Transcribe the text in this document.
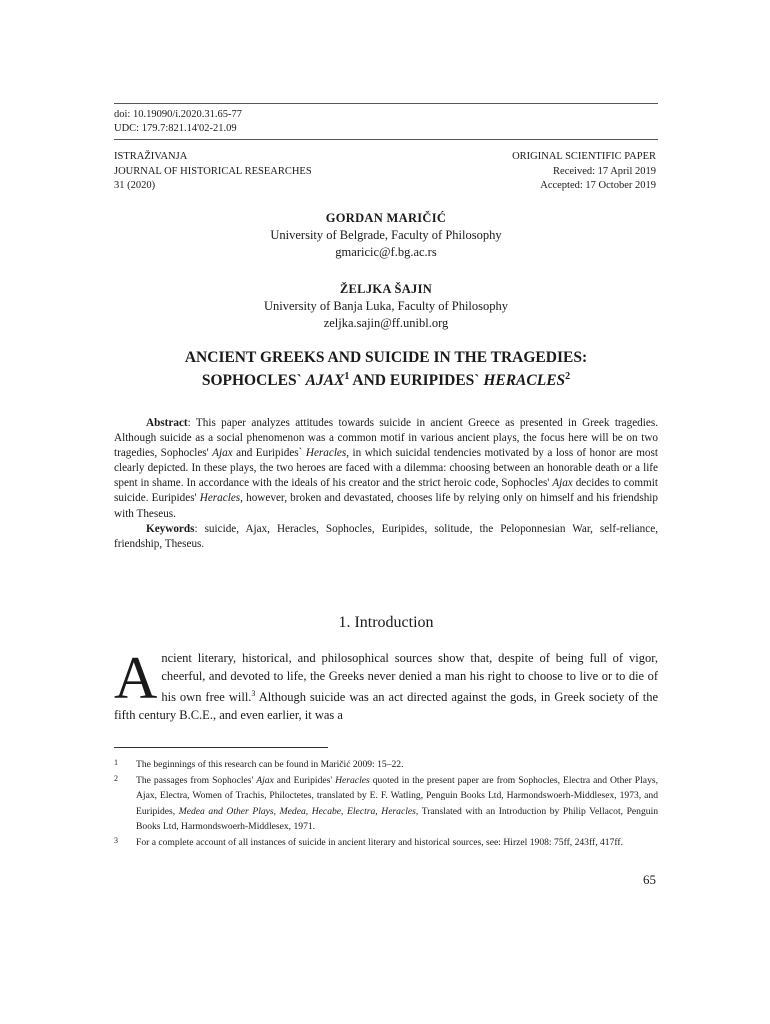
doi: 10.19090/i.2020.31.65-77
UDC: 179.7:821.14'02-21.09
ISTRAŽIVANJA
JOURNAL OF HISTORICAL RESEARCHES
31 (2020)
ORIGINAL SCIENTIFIC PAPER
Received: 17 April 2019
Accepted: 17 October 2019
GORDAN MARIČIĆ
University of Belgrade, Faculty of Philosophy
gmaricic@f.bg.ac.rs
ŽELJKA ŠAJIN
University of Banja Luka, Faculty of Philosophy
zeljka.sajin@ff.unibl.org
ANCIENT GREEKS AND SUICIDE IN THE TRAGEDIES:
SOPHOCLES` AJAX$^1$ AND EURIPIDES` HERACLES$^2$

Abstract: This paper analyzes attitudes towards suicide in ancient Greece as presented in Greek tragedies. Although suicide as a social phenomenon was a common motif in various ancient plays, the focus here will be on two tragedies, Sophocles' Ajax and Euripides` Heracles, in which suicidal tendencies motivated by a loss of honor are most clearly depicted. In these plays, the two heroes are faced with a dilemma: choosing between an honorable death or a life spent in shame. In accordance with the ideals of his creator and the strict heroic code, Sophocles' Ajax decides to commit suicide. Euripides' Heracles, however, broken and devastated, chooses life by relying only on himself and his friendship with Theseus.

Keywords: suicide, Ajax, Heracles, Sophocles, Euripides, solitude, the Peloponnesian War, self-reliance, friendship, Theseus.

1. Introduction

Ancient literary, historical, and philosophical sources show that, despite of being full of vigor, cheerful, and devoted to life, the Greeks never denied a man his right to choose to live or to die of his own free will.$^3$ Although suicide was an act directed against the gods, in Greek society of the fifth century B.C.E., and even earlier, it was a

1	The beginnings of this research can be found in Maričić 2009: 15–22.
2	The passages from Sophocles' Ajax and Euripides' Heracles quoted in the present paper are from Sophocles, Electra and Other Plays, Ajax, Electra, Women of Trachis, Philoctetes, translated by E. F. Watling, Penguin Books Ltd, Harmondswoerh-Middlesex, 1973, and Euripides, Medea and Other Plays, Medea, Hecabe, Electra, Heracles, Translated with an Introduction by Philip Vellacot, Penguin Books Ltd, Harmondswoerh-Middlesex, 1971.
3	For a complete account of all instances of suicide in ancient literary and historical sources, see: Hirzel 1908: 75ff, 243ff, 417ff.
65
